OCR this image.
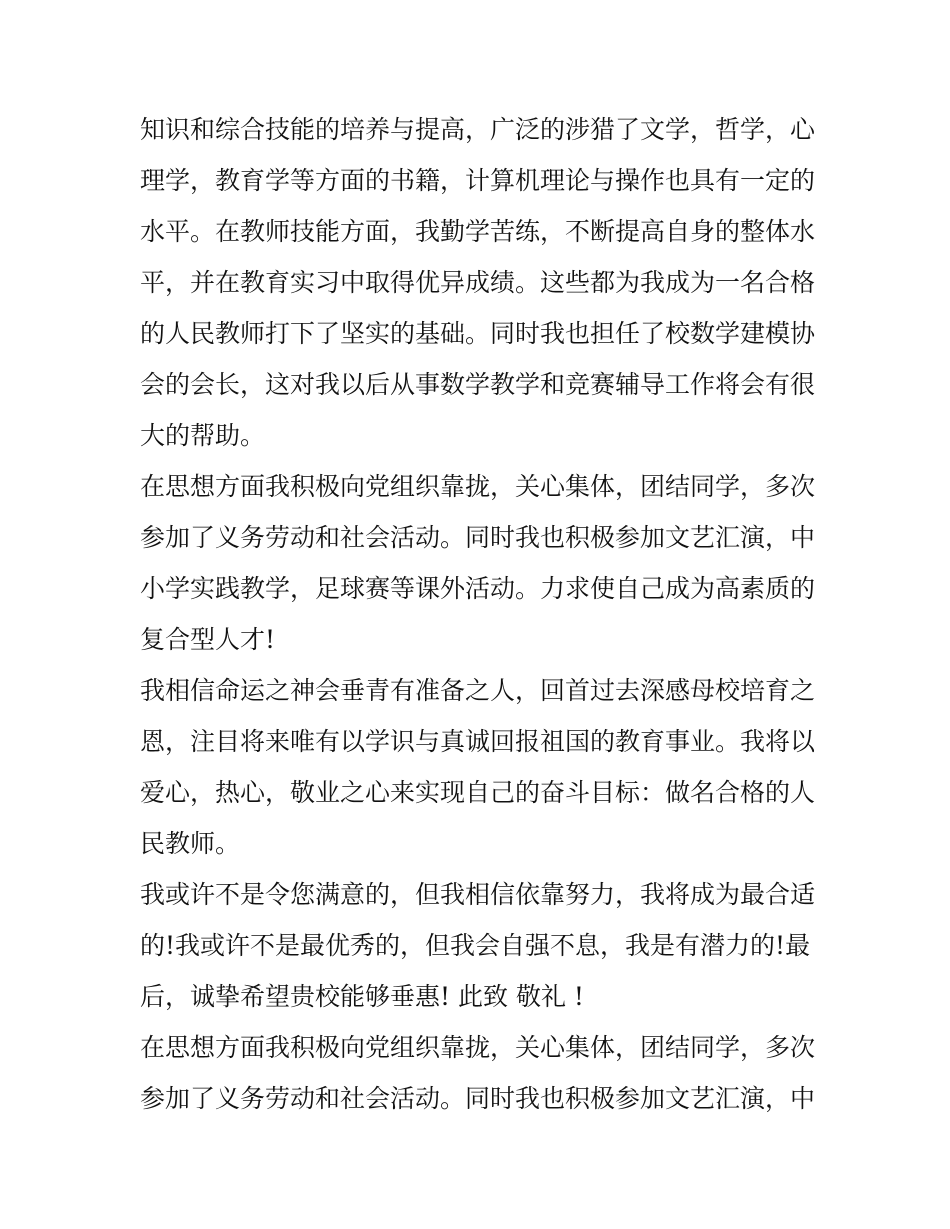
知识和综合技能的培养与提高，广泛的涉猎了文学，哲学，心
理学，教育学等方面的书籍，计算机理论与操作也具有一定的
水平。在教师技能方面，我勤学苦练，不断提高自身的整体水
平，并在教育实习中取得优异成绩。这些都为我成为一名合格
的人民教师打下了坚实的基础。同时我也担任了校数学建模协
会的会长，这对我以后从事数学教学和竞赛辅导工作将会有很
大的帮助。
在思想方面我积极向党组织靠拢，关心集体，团结同学，多次
参加了义务劳动和社会活动。同时我也积极参加文艺汇演，中
小学实践教学，足球赛等课外活动。力求使自己成为高素质的
复合型人才!
我相信命运之神会垂青有准备之人，回首过去深感母校培育之
恩，注目将来唯有以学识与真诚回报祖国的教育事业。我将以
爱心，热心，敬业之心来实现自己的奋斗目标：做名合格的人
民教师。
我或许不是令您满意的，但我相信依靠努力，我将成为最合适
的!我或许不是最优秀的，但我会自强不息，我是有潜力的!最
后，诚挚希望贵校能够垂惠! 此致 敬礼 !
在思想方面我积极向党组织靠拢，关心集体，团结同学，多次
参加了义务劳动和社会活动。同时我也积极参加文艺汇演，中
